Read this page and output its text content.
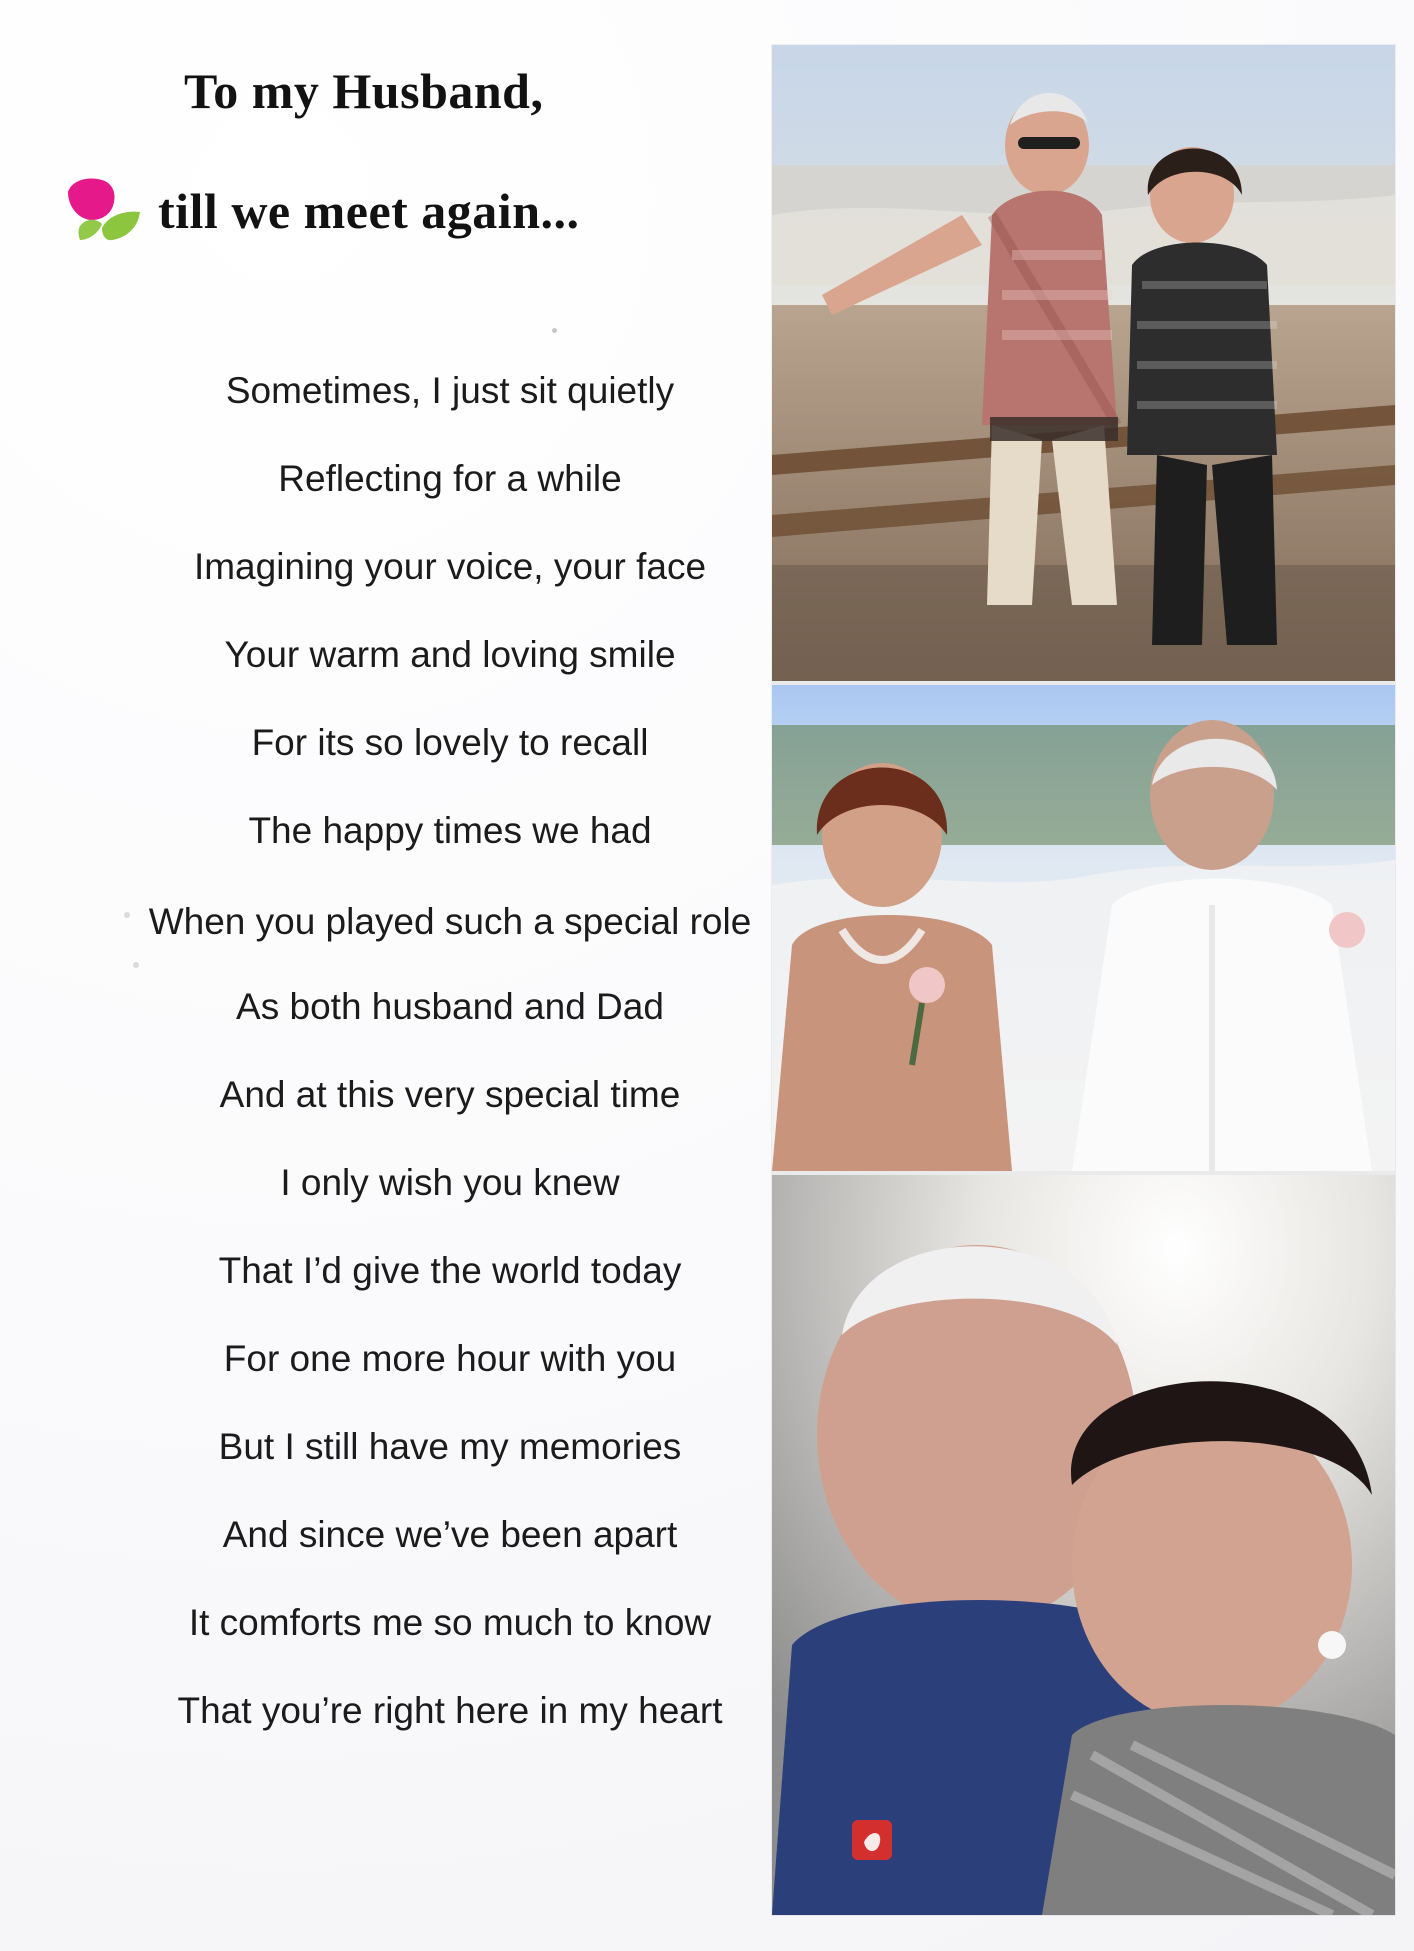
To my Husband,
till we meet again...
Sometimes, I just sit quietly
Reflecting for a while
Imagining your voice, your face
Your warm and loving smile
For its so lovely to recall
The happy times we had
When you played such a special role
As both husband and Dad
And at this very special time
I only wish you knew
That I’d give the world today
For one more hour with you
But I still have my memories
And since we’ve been apart
It comforts me so much to know
That you’re right here in my heart
